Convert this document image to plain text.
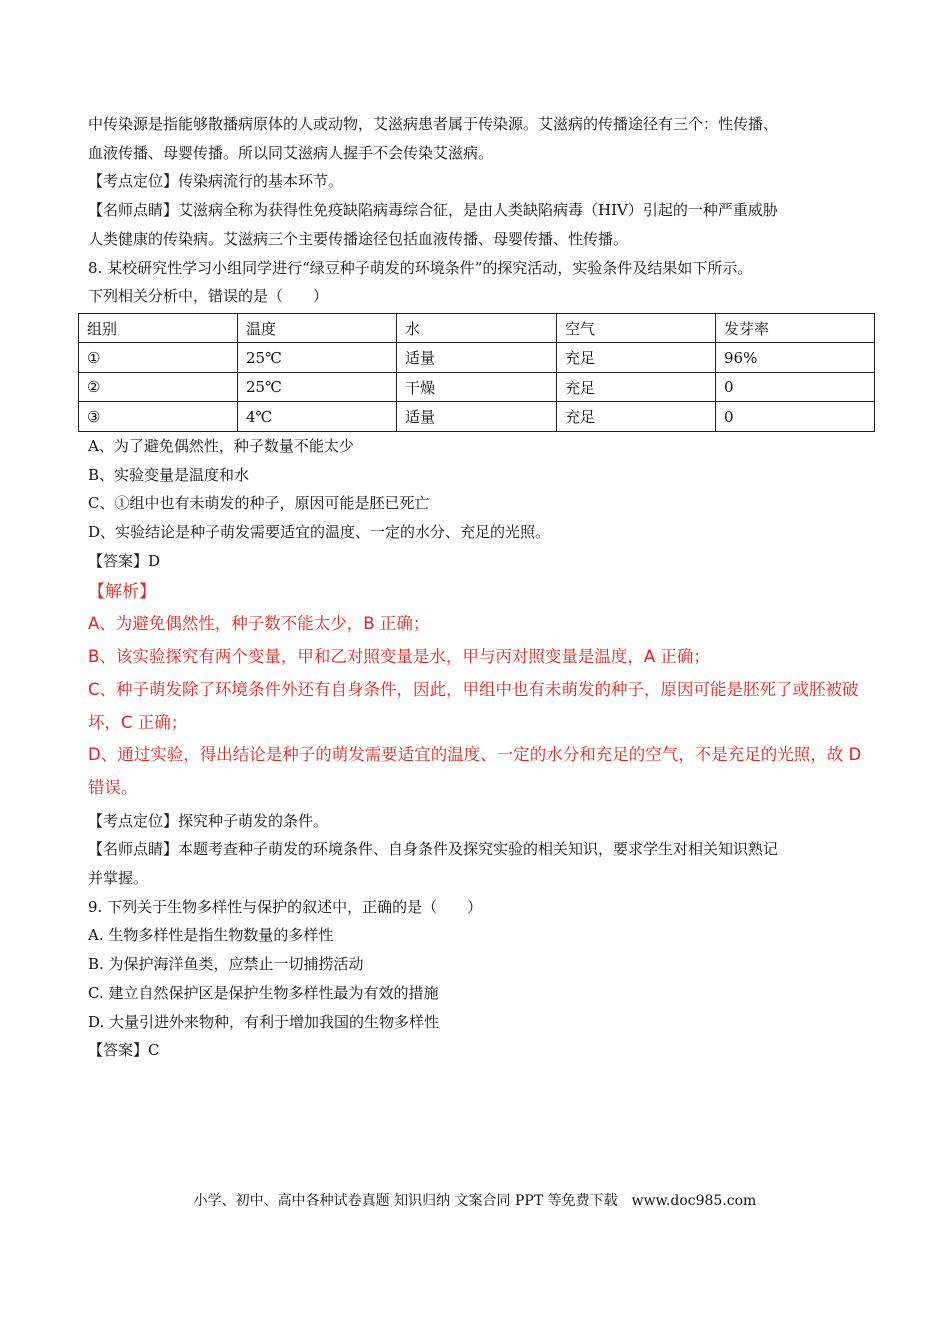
中传染源是指能够散播病原体的人或动物，艾滋病患者属于传染源。艾滋病的传播途径有三个：性传播、
血液传播、母婴传播。所以同艾滋病人握手不会传染艾滋病。
【考点定位】传染病流行的基本环节。
【名师点睛】艾滋病全称为获得性免疫缺陷病毒综合征，是由人类缺陷病毒（HIV）引起的一种严重威胁
人类健康的传染病。艾滋病三个主要传播途径包括血液传播、母婴传播、性传播。
8. 某校研究性学习小组同学进行“绿豆种子萌发的环境条件”的探究活动，实验条件及结果如下所示。
下列相关分析中，错误的是（　　）
组别	温度	水	空气	发芽率
①	25℃	适量	充足	96%
②	25℃	干燥	充足	0
③	4℃	适量	充足	0
A、为了避免偶然性，种子数量不能太少
B、实验变量是温度和水
C、①组中也有未萌发的种子，原因可能是胚已死亡
D、实验结论是种子萌发需要适宜的温度、一定的水分、充足的光照。
【答案】D
【解析】
A、为避免偶然性，种子数不能太少，B 正确；
B、该实验探究有两个变量，甲和乙对照变量是水，甲与丙对照变量是温度，A 正确；
C、种子萌发除了环境条件外还有自身条件，因此，甲组中也有未萌发的种子，原因可能是胚死了或胚被破
坏，C 正确；
D、通过实验，得出结论是种子的萌发需要适宜的温度、一定的水分和充足的空气，不是充足的光照，故 D
错误。
【考点定位】探究种子萌发的条件。
【名师点睛】本题考查种子萌发的环境条件、自身条件及探究实验的相关知识，要求学生对相关知识熟记
并掌握。
9. 下列关于生物多样性与保护的叙述中，正确的是（　　）
A. 生物多样性是指生物数量的多样性
B. 为保护海洋鱼类，应禁止一切捕捞活动
C. 建立自然保护区是保护生物多样性最为有效的措施
D. 大量引进外来物种，有利于增加我国的生物多样性
【答案】C
小学、初中、高中各种试卷真题 知识归纳 文案合同 PPT 等免费下载　www.doc985.com
